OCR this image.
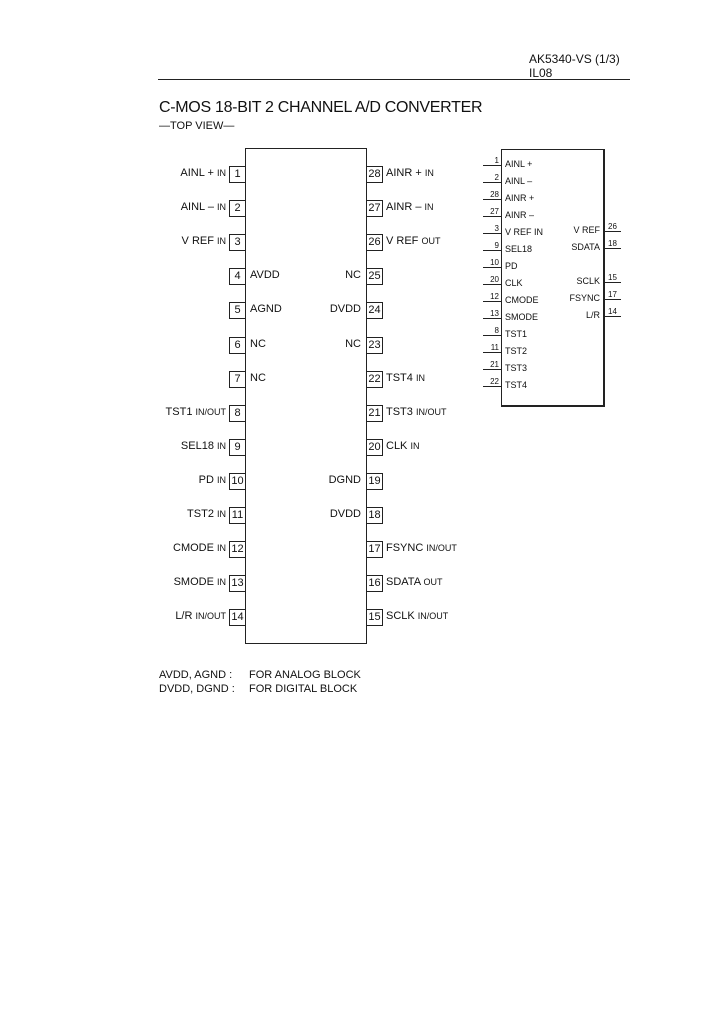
AK5340-VS (1/3)
IL08
C-MOS 18-BIT 2 CHANNEL A/D CONVERTER
—TOP VIEW—
1
AINL + IN
2
AINL – IN
3
V REF IN
4 AVDD
5 AGND
6 NC
7 NC
8
TST1 IN/OUT
9
SEL18 IN
10
PD IN
11
TST2 IN
12
CMODE IN
13
SMODE IN
14
L/R IN/OUT
28 AINR + IN
27 AINR – IN
26 V REF OUT
25
NC
24
DVDD
23
NC
22 TST4 IN
21 TST3 IN/OUT
20 CLK IN
19
DGND
18
DVDD
17 FSYNC IN/OUT
16 SDATA OUT
15 SCLK IN/OUT
1 AINL +
2 AINL –
28 AINR +
27 AINR –
3 V REF IN
9 SEL18
10 PD
20 CLK
12 CMODE
13 SMODE
8 TST1
11 TST2
21 TST3
22 TST4
26
V REF
18
SDATA
15
SCLK
17
FSYNC
14
L/R
AVDD, AGND : FOR ANALOG BLOCK
DVDD, DGND : FOR DIGITAL BLOCK
